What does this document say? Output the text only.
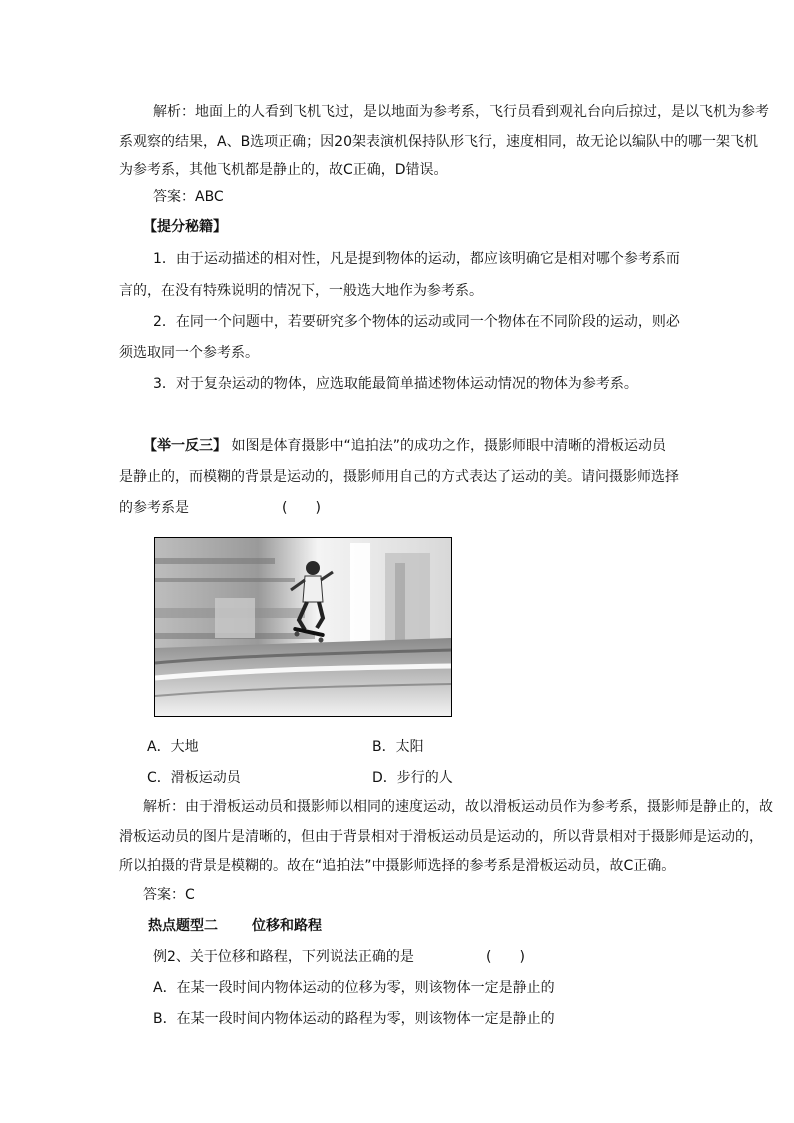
解析：地面上的人看到飞机飞过，是以地面为参考系，飞行员看到观礼台向后掠过，是以飞机为参考
系观察的结果，A、B选项正确；因20架表演机保持队形飞行，速度相同，故无论以编队中的哪一架飞机
为参考系，其他飞机都是静止的，故C正确，D错误。
答案：ABC
【提分秘籍】
1．由于运动描述的相对性，凡是提到物体的运动，都应该明确它是相对哪个参考系而
言的，在没有特殊说明的情况下，一般选大地作为参考系。
2．在同一个问题中，若要研究多个物体的运动或同一个物体在不同阶段的运动，则必
须选取同一个参考系。
3．对于复杂运动的物体，应选取能最简单描述物体运动情况的物体为参考系。
【举一反三】 如图是体育摄影中“追拍法”的成功之作，摄影师眼中清晰的滑板运动员
是静止的，而模糊的背景是运动的，摄影师用自己的方式表达了运动的美。请问摄影师选择
的参考系是	(　　)
A．大地	B．太阳
C．滑板运动员	D．步行的人
解析：由于滑板运动员和摄影师以相同的速度运动，故以滑板运动员作为参考系，摄影师是静止的，故
滑板运动员的图片是清晰的，但由于背景相对于滑板运动员是运动的，所以背景相对于摄影师是运动的，
所以拍摄的背景是模糊的。故在“追拍法”中摄影师选择的参考系是滑板运动员，故C正确。
答案：C
热点题型二 位移和路程
例2、关于位移和路程，下列说法正确的是	(　　)
A．在某一段时间内物体运动的位移为零，则该物体一定是静止的
B．在某一段时间内物体运动的路程为零，则该物体一定是静止的
